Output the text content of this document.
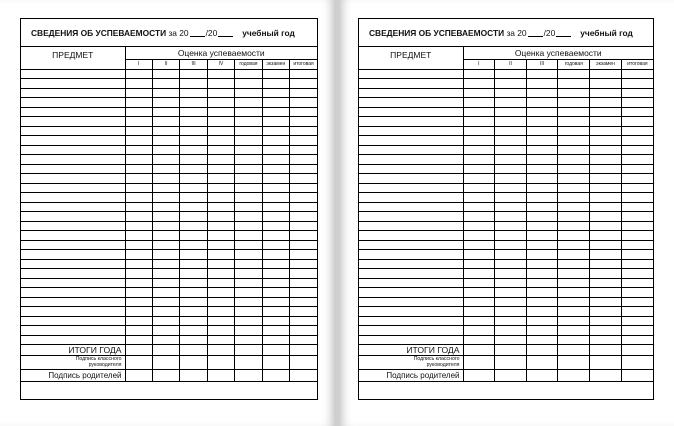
СВЕДЕНИЯ ОБ УСПЕВАЕМОСТИ
за 20 /20	учебный год
ПРЕДМЕТ	Оценка успеваемости						
	I	II	III	IV	годовая	экзамен	итоговая

ИТОГИ ГОДА							
Подпись классного
руководителя							
Подпись родителей							
СВЕДЕНИЯ ОБ УСПЕВАЕМОСТИ
за 20 /20	учебный год
ПРЕДМЕТ	Оценка успеваемости					
	I	II	III	годовая	экзамен	итоговая

ИТОГИ ГОДА						
Подпись классного
руководителя						
Подпись родителей						
